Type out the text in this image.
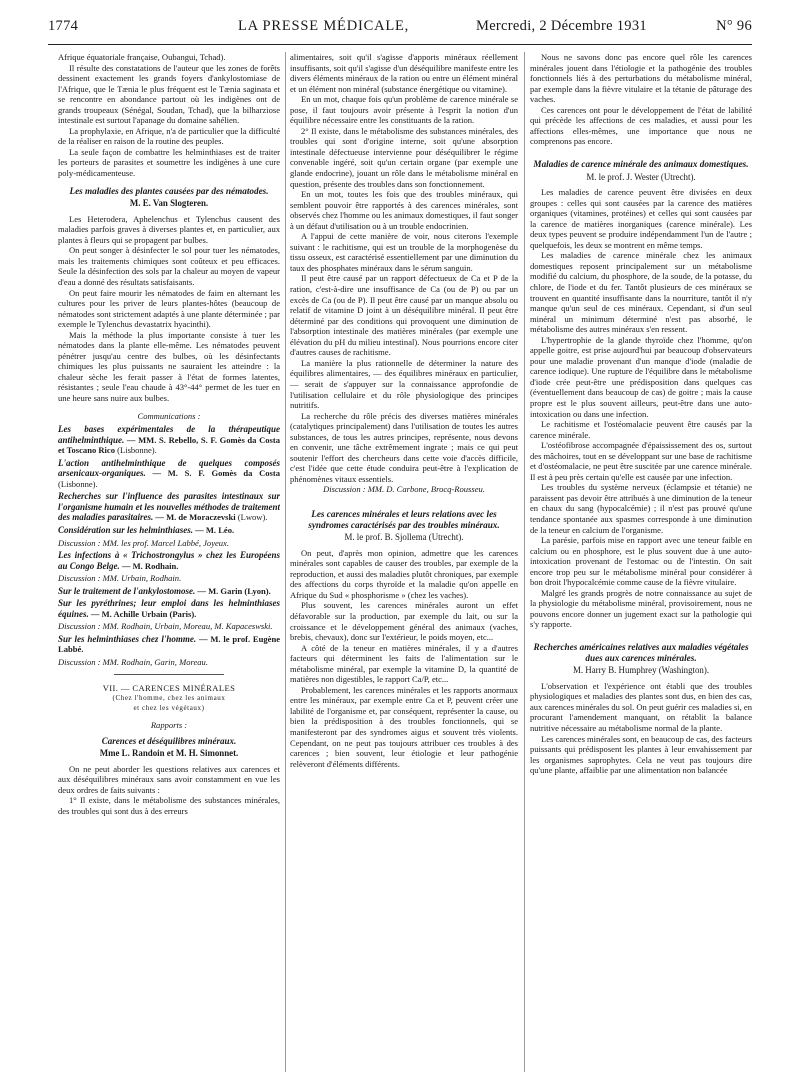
1774	LA PRESSE MÉDICALE,	Mercredi, 2 Décembre 1931	N° 96

Afrique équatoriale française, Oubangui, Tchad).

Il résulte des constatations de l'auteur que les zones de forêts dessinent exactement les grands foyers d'ankylostomiase de l'Afrique, que le Tænia le plus fréquent est le Tænia saginata et se rencontre en abondance partout où les indigènes ont de grands troupeaux (Sénégal, Soudan, Tchad), que la bilharziose intestinale est surtout l'apanage du domaine sahélien.

La prophylaxie, en Afrique, n'a de particulier que la difficulté de la réaliser en raison de la routine des peuples.

La seule façon de combattre les helminthiases est de traiter les porteurs de parasites et soumettre les indigènes à une cure poly-médicamenteuse.

Les maladies des plantes causées par des nématodes.
M. E. Van Slogteren.

Les Heterodera, Aphelenchus et Tylenchus causent des maladies parfois graves à diverses plantes et, en particulier, aux plantes à fleurs qui se propagent par bulbes.

On peut songer à désinfecter le sol pour tuer les nématodes, mais les traitements chimiques sont coûteux et peu efficaces. Seule la désinfection des sols par la chaleur au moyen de vapeur d'eau a donné des résultats satisfaisants.

On peut faire mourir les nématodes de faim en alternant les cultures pour les priver de leurs plantes-hôtes (beaucoup de nématodes sont strictement adaptés à une plante déterminée ; par exemple le Tylenchus devastatrix hyacinthi).

Mais la méthode la plus importante consiste à tuer les nématodes dans la plante elle-même. Les nématodes peuvent pénétrer jusqu'au centre des bulbes, où les désinfectants chimiques les plus puissants ne sauraient les atteindre : la chaleur sèche les ferait passer à l'état de formes latentes, résistantes ; seule l'eau chaude à 43°-44° permet de les tuer en une heure sans nuire aux bulbes.

Communications :

Les bases expérimentales de la thérapeutique antihelminthique. — MM. S. Rebello, S. F. Gomès da Costa et Toscano Rico (Lisbonne).

L'action antihelminthique de quelques composés arsenicaux-organiques. — M. S. F. Gomès da Costa (Lisbonne).

Recherches sur l'influence des parasites intestinaux sur l'organisme humain et les nouvelles méthodes de traitement des maladies parasitaires. — M. de Moraczevski (Lwow).

Considération sur les helminthiases. — M. Léo.

Discussion : MM. les prof. Marcel Labbé, Joyeux.

Les infections à « Trichostrongylus » chez les Européens au Congo Belge. — M. Rodhain.

Discussion : MM. Urbain, Rodhain.

Sur le traitement de l'ankylostomose. — M. Garin (Lyon).

Sur les pyréthrines; leur emploi dans les helminthiases équines. — M. Achille Urbain (Paris).

Discussion : MM. Rodhain, Urbain, Moreau, M. Kapaceswski.

Sur les helminthiases chez l'homme. — M. le prof. Eugène Labbé.

Discussion : MM. Rodhain, Garin, Moreau.

VII. — CARENCES MINÉRALES
(Chez l'homme, chez les animaux
et chez les végétaux)
Rapports :
Carences et déséquilibres minéraux.
Mme L. Randoin et M. H. Simonnet.

On ne peut aborder les questions relatives aux carences et aux déséquilibres minéraux sans avoir constamment en vue les deux ordres de faits suivants :

1° Il existe, dans le métabolisme des substances minérales, des troubles qui sont dus à des erreurs

alimentaires, soit qu'il s'agisse d'apports minéraux réellement insuffisants, soit qu'il s'agisse d'un déséquilibre manifeste entre les divers éléments minéraux de la ration ou entre un élément minéral et un élément non minéral (substance énergétique ou vitamine).

En un mot, chaque fois qu'un problème de carence minérale se pose, il faut toujours avoir présente à l'esprit la notion d'un équilibre nécessaire entre les constituants de la ration.

2° Il existe, dans le métabolisme des substances minérales, des troubles qui sont d'origine interne, soit qu'une absorption intestinale défectueuse intervienne pour déséquilibrer le régime convenable ingéré, soit qu'un certain organe (par exemple une glande endocrine), jouant un rôle dans le métabolisme minéral en question, présente des troubles dans son fonctionnement.

En un mot, toutes les fois que des troubles minéraux, qui semblent pouvoir être rapportés à des carences minérales, sont observés chez l'homme ou les animaux domestiques, il faut songer à un défaut d'utilisation ou à un trouble endocrinien.

A l'appui de cette manière de voir, nous citerons l'exemple suivant : le rachitisme, qui est un trouble de la morphogenèse du tissu osseux, est caractérisé essentiellement par une diminution du taux des phosphates minéraux dans le sérum sanguin.

Il peut être causé par un rapport défectueux de Ca et P de la ration, c'est-à-dire une insuffisance de Ca (ou de P) ou par un excès de Ca (ou de P). Il peut être causé par un manque absolu ou relatif de vitamine D joint à un déséquilibre minéral. Il peut être déterminé par des conditions qui provoquent une diminution de l'absorption intestinale des matières minérales (par exemple une élévation du pH du milieu intestinal). Nous pourrions encore citer d'autres causes de rachitisme.

La manière la plus rationnelle de déterminer la nature des équilibres alimentaires, — des équilibres minéraux en particulier, — serait de s'appuyer sur la connaissance approfondie de l'utilisation cellulaire et du rôle physiologique des principes nutritifs.

La recherche du rôle précis des diverses matières minérales (catalytiques principalement) dans l'utilisation de toutes les autres substances, de tous les autres principes, représente, nous devons en convenir, une tâche extrêmement ingrate ; mais ce qui peut soutenir l'effort des chercheurs dans cette voie d'accès difficile, c'est l'idée que cette étude conduira peut-être à l'explication de phénomènes vitaux essentiels.

Discussion : MM. D. Carbone, Brocq-Rousseu.

Les carences minérales et leurs relations avec les syndromes caractérisés par des troubles minéraux.
M. le prof. B. Sjollema (Utrecht).

On peut, d'après mon opinion, admettre que les carences minérales sont capables de causer des troubles, par exemple de la reproduction, et aussi des maladies plutôt chroniques, par exemple des affections du corps thyroïde et la maladie qu'on appelle en Afrique du Sud « phosphorisme » (chez les vaches).

Plus souvent, les carences minérales auront un effet défavorable sur la production, par exemple du lait, ou sur la croissance et le développement général des animaux (vaches, brebis, chevaux), donc sur l'extérieur, le poids moyen, etc...

A côté de la teneur en matières minérales, il y a d'autres facteurs qui déterminent les faits de l'alimentation sur le métabolisme minéral, par exemple la vitamine D, la quantité de matières non digestibles, le rapport Ca/P, etc...

Probablement, les carences minérales et les rapports anormaux entre les minéraux, par exemple entre Ca et P, peuvent créer une labilité de l'organisme et, par conséquent, représenter la cause, ou bien la prédisposition à des troubles fonctionnels, qui se manifesteront par des syndromes aigus et souvent très violents. Cependant, on ne peut pas toujours attribuer ces troubles à des carences ; bien souvent, leur étiologie et leur pathogénie relèveront d'éléments différents.

Nous ne savons donc pas encore quel rôle les carences minérales jouent dans l'étiologie et la pathogénie des troubles fonctionnels liés à des perturbations du métabolisme minéral, par exemple dans la fièvre vitulaire et la tétanie de pâturage des vaches.

Ces carences ont pour le développement de l'état de labilité qui précède les affections de ces maladies, et aussi pour les affections elles-mêmes, une importance que nous ne comprenons pas encore.

Maladies de carence minérale des animaux domestiques.
M. le prof. J. Wester (Utrecht).

Les maladies de carence peuvent être divisées en deux groupes : celles qui sont causées par la carence des matières organiques (vitamines, protéines) et celles qui sont causées par la carence de matières inorganiques (carence minérale). Les deux types peuvent se produire indépendamment l'un de l'autre ; quelquefois, les deux se montrent en même temps.

Les maladies de carence minérale chez les animaux domestiques reposent principalement sur un métabolisme modifié du calcium, du phosphore, de la soude, de la potasse, du chlore, de l'iode et du fer. Tantôt plusieurs de ces minéraux se trouvent en quantité insuffisante dans la nourriture, tantôt il n'y manque qu'un seul de ces minéraux. Cependant, si d'un seul minéral un minimum déterminé n'est pas absorbé, le métabolisme des autres minéraux s'en ressent.

L'hypertrophie de la glande thyroïde chez l'homme, qu'on appelle goitre, est prise aujourd'hui par beaucoup d'observateurs pour une maladie provenant d'un manque d'iode (maladie de carence iodique). Une rupture de l'équilibre dans le métabolisme d'iode crée peut-être une prédisposition dans quelques cas (éventuellement dans beaucoup de cas) de goitre ; mais la cause propre est le plus souvent ailleurs, peut-être dans une auto-intoxication ou dans une infection.

Le rachitisme et l'ostéomalacie peuvent être causés par la carence minérale.

L'ostéofibrose accompagnée d'épaississement des os, surtout des mâchoires, tout en se développant sur une base de rachitisme et d'ostéomalacie, ne peut être suscitée par une carence minérale. Il est à peu près certain qu'elle est causée par une infection.

Les troubles du système nerveux (éclampsie et tétanie) ne paraissent pas devoir être attribués à une diminution de la teneur en chaux du sang (hypocalcémie) ; il n'est pas prouvé qu'une tendance spontanée aux spasmes corresponde à une diminution de la teneur en calcium de l'organisme.

La parésie, parfois mise en rapport avec une teneur faible en calcium ou en phosphore, est le plus souvent due à une auto-intoxication provenant de l'estomac ou de l'intestin. On sait encore trop peu sur le métabolisme minéral pour considérer à bon droit l'hypocalcémie comme cause de la fièvre vitulaire.

Malgré les grands progrès de notre connaissance au sujet de la physiologie du métabolisme minéral, provisoirement, nous ne pouvons encore donner un jugement exact sur la pathologie qui s'y rapporte.

Recherches américaines relatives aux maladies végétales dues aux carences minérales.
M. Harry B. Humphrey (Washington).

L'observation et l'expérience ont établi que des troubles physiologiques et maladies des plantes sont dus, en bien des cas, aux carences minérales du sol. On peut guérir ces maladies si, en procurant l'amendement manquant, on rétablit la balance nutritive nécessaire au métabolisme normal de la plante.

Les carences minérales sont, en beaucoup de cas, des facteurs puissants qui prédisposent les plantes à leur envahissement par les organismes saprophytes. Cela ne veut pas toujours dire qu'une plante, affaiblie par une alimentation non balancée
